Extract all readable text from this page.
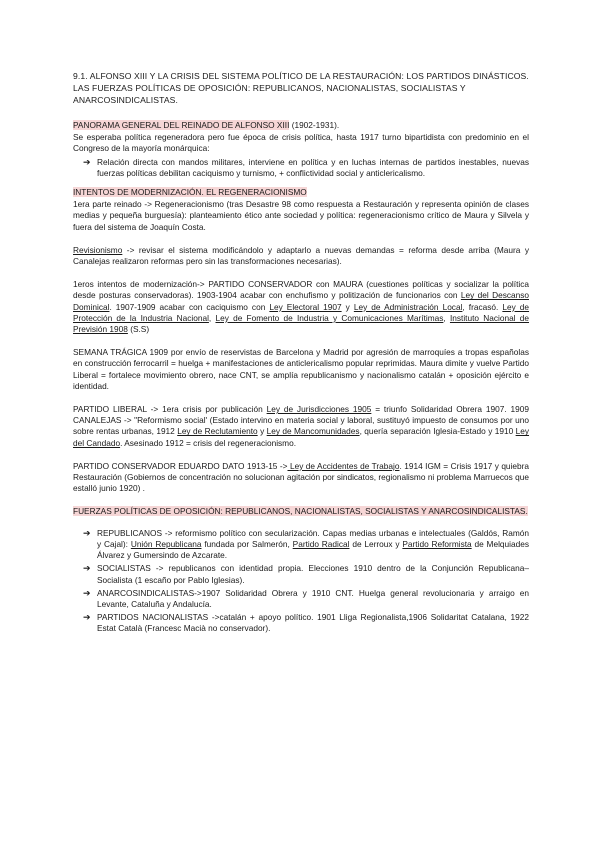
9.1. ALFONSO XIII Y LA CRISIS DEL SISTEMA POLÍTICO DE LA RESTAURACIÓN: LOS PARTIDOS DINÁSTICOS. LAS FUERZAS POLÍTICAS DE OPOSICIÓN: REPUBLICANOS, NACIONALISTAS, SOCIALISTAS Y ANARCOSINDICALISTAS.

PANORAMA GENERAL DEL REINADO DE ALFONSO XIII (1902-1931).

Se esperaba política regeneradora pero fue época de crisis política, hasta 1917 turno bipartidista con predominio en el Congreso de la mayoría monárquica:

➔ Relación directa con mandos militares, interviene en política y en luchas internas de partidos inestables, nuevas fuerzas políticas debilitan caciquismo y turnismo, + conflictividad social y anticlericalismo.

INTENTOS DE MODERNIZACIÓN. EL REGENERACIONISMO

1era parte reinado -> Regeneracionismo (tras Desastre 98 como respuesta a Restauración y representa opinión de clases medias y pequeña burguesía): planteamiento ético ante sociedad y política: regeneracionismo crítico de Maura y Silvela y fuera del sistema de Joaquín Costa.

Revisionismo -> revisar el sistema modificándolo y adaptarlo a nuevas demandas = reforma desde arriba (Maura y Canalejas realizaron reformas pero sin las transformaciones necesarias).

1eros intentos de modernización-> PARTIDO CONSERVADOR con MAURA (cuestiones políticas y socializar la política desde posturas conservadoras). 1903-1904 acabar con enchufismo y politización de funcionarios con Ley del Descanso Dominical. 1907-1909 acabar con caciquismo con Ley Electoral 1907 y Ley de Administración Local, fracasó. Ley de Protección de la Industria Nacional, Ley de Fomento de Industria y Comunicaciones Marítimas, Instituto Nacional de Previsión 1908 (S.S)

SEMANA TRÁGICA 1909 por envío de reservistas de Barcelona y Madrid por agresión de marroquíes a tropas españolas en construcción ferrocarril = huelga + manifestaciones de anticlericalismo popular reprimidas. Maura dimite y vuelve Partido Liberal = fortalece movimiento obrero, nace CNT, se amplía republicanismo y nacionalismo catalán + oposición ejército e identidad.

PARTIDO LIBERAL -> 1era crisis por publicación Ley de Jurisdicciones 1905 = triunfo Solidaridad Obrera 1907. 1909 CANALEJAS -> "Reformismo social' (Estado intervino en materia social y laboral, sustituyó impuesto de consumos por uno sobre rentas urbanas, 1912 Ley de Reclutamiento y Ley de Mancomunidades, quería separación Iglesia-Estado y 1910 Ley del Candado. Asesinado 1912 = crisis del regeneracionismo.

PARTIDO CONSERVADOR EDUARDO DATO 1913-15 -> Ley de Accidentes de Trabajo. 1914 IGM = Crisis 1917 y quiebra Restauración (Gobiernos de concentración no solucionan agitación por sindicatos, regionalismo ni problema Marruecos que estalló junio 1920) .

FUERZAS POLÍTICAS DE OPOSICIÓN: REPUBLICANOS, NACIONALISTAS, SOCIALISTAS Y ANARCOSINDICALISTAS.

➔ REPUBLICANOS -> reformismo político con secularización. Capas medias urbanas e intelectuales (Galdós, Ramón y Cajal): Unión Republicana fundada por Salmerón, Partido Radical de Lerroux y Partido Reformista de Melquiades Álvarez y Gumersindo de Azcarate.
➔ SOCIALISTAS -> republicanos con identidad propia. Elecciones 1910 dentro de la Conjunción Republicana–Socialista (1 escaño por Pablo Iglesias).
➔ ANARCOSINDICALISTAS->1907 Solidaridad Obrera y 1910 CNT. Huelga general revolucionaria y arraigo en Levante, Cataluña y Andalucía.
➔ PARTIDOS NACIONALISTAS ->catalán + apoyo político. 1901 Lliga Regionalista,1906 Solidaritat Catalana, 1922 Estat Català (Francesc Macià no conservador).
